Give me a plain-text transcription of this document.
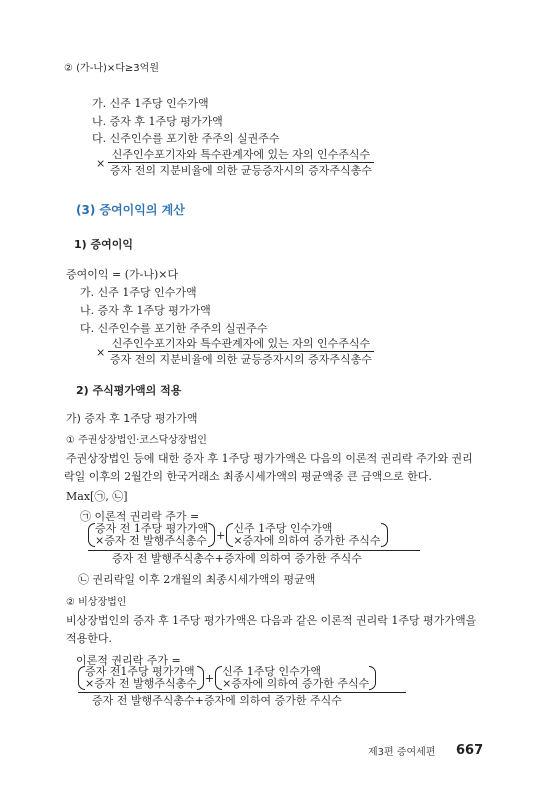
② (가-나)×다≥3억원
가. 신주 1주당 인수가액
나. 증자 후 1주당 평가가액
다. 신주인수를 포기한 주주의 실권주수
×
신주인수포기자와 특수관계자에 있는 자의 인수주식수
증자 전의 지분비율에 의한 균등증자시의 증자주식총수
(3) 증여이익의 계산
1) 증여이익
증여이익 = (가-나)×다
가. 신주 1주당 인수가액
나. 증자 후 1주당 평가가액
다. 신주인수를 포기한 주주의 실권주수
×
신주인수포기자와 특수관계자에 있는 자의 인수주식수
증자 전의 지분비율에 의한 균등증자시의 증자주식총수
2) 주식평가액의 적용
가) 증자 후 1주당 평가가액
① 주권상장법인·코스닥상장법인
주권상장법인 등에 대한 증자 후 1주당 평가가액은 다음의 이론적 권리락 주가와 권리
락일 이후의 2월간의 한국거래소 최종시세가액의 평균액중 큰 금액으로 한다.
Max[㉠, ㉡]
㉠ 이론적 권리락 주가 =
증자 전 1주당 평가가액
×증자 전 발행주식총수 + 신주 1주당 인수가액
×증자에 의하여 증가한 주식수
증자 전 발행주식총수+증자에 의하여 증가한 주식수
㉡ 권리락일 이후 2개월의 최종시세가액의 평균액
② 비상장법인
비상장법인의 증자 후 1주당 평가가액은 다음과 같은 이론적 권리락 1주당 평가가액을
적용한다.
이론적 권리락 주가 =
증자 전1주당 평가가액
×증자 전 발행주식총수 + 신주 1주당 인수가액
×증자에 의하여 증가한 주식수
증자 전 발행주식총수+증자에 의하여 증가한 주식수
제3편 증여세편 667
